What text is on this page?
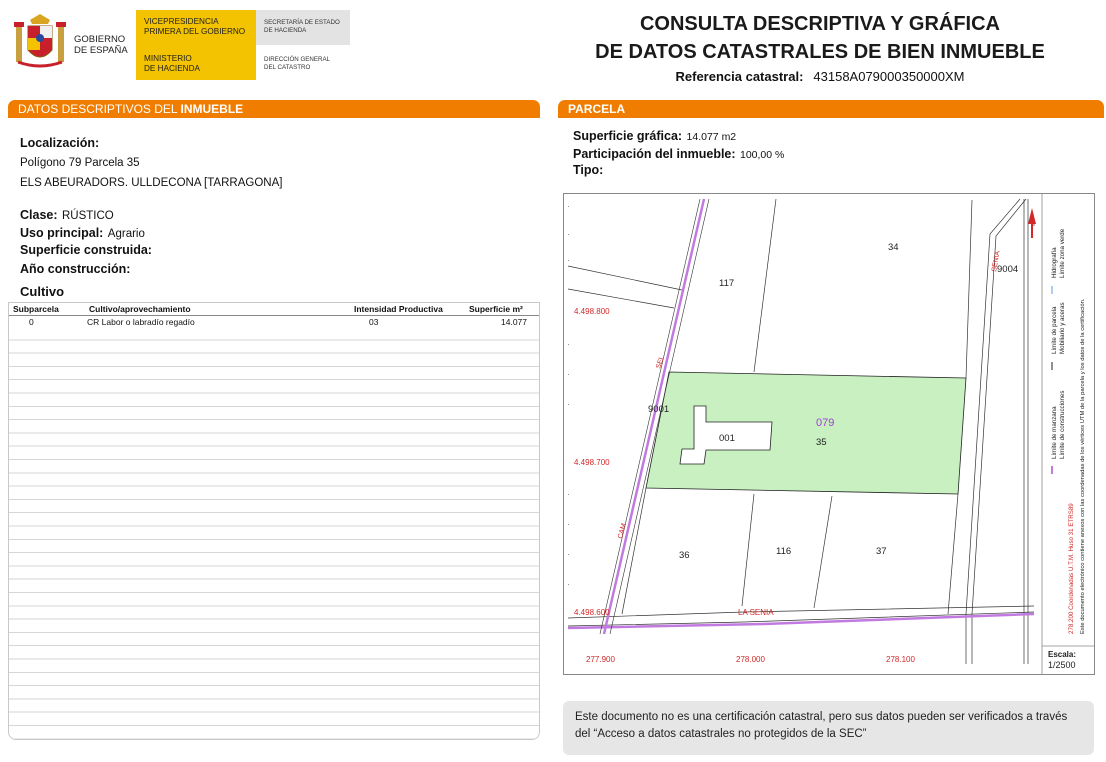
GOBIERNO
DE ESPAÑA
VICEPRESIDENCIA
PRIMERA DEL GOBIERNO
MINISTERIO
DE HACIENDA
SECRETARÍA DE ESTADO
DE HACIENDA
DIRECCIÓN GENERAL
DEL CATASTRO
CONSULTA DESCRIPTIVA Y GRÁFICA
DE DATOS CATASTRALES DE BIEN INMUEBLE
Referencia catastral: 43158A079000350000XM
DATOS DESCRIPTIVOS DEL INMUEBLE
Localización:
Polígono 79 Parcela 35
ELS ABEURADORS. ULLDECONA [TARRAGONA]
Clase: RÚSTICO
Uso principal: Agrario
Superficie construida:
Año construcción:
Cultivo
Subparcela	Cultivo/aprovechamiento	Intensidad Productiva	Superficie m²
0	CR Labor o labradío regadío	03	14.077
PARCELA
Superficie gráfica: 14.077 m2
Participación del inmueble: 100,00 %
Tipo:
4.498.800
4.498.700
4.498.600
277.900	278.000	278.100
34
117
9004
9001
001
079
35
36	116	37
SEL
CAM
LA SENIA
SENIA
Límite de manzana
Límite de parcela
Hidrografía
Límite de construcciones
Mobiliario y aceras
Límite zona verde
278.200 Coordenadas U.T.M. Huso 31 ETRS89 Este documento electrónico contiene anexos con las coordenadas de los vértices UTM de la parcela y los datos de la certificación.
Escala:
1/2500
Este documento no es una certificación catastral, pero sus datos pueden ser verificados a través del “Acceso a datos catastrales no protegidos de la SEC”
